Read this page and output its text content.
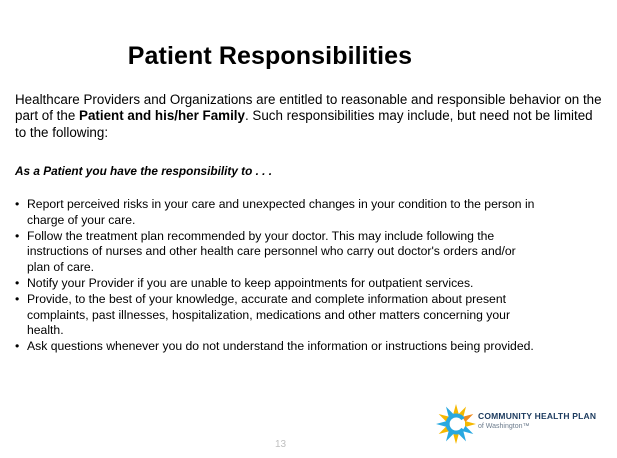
Patient Responsibilities
Healthcare Providers and Organizations are entitled to reasonable and responsible behavior on the part of the Patient and his/her Family. Such responsibilities may include, but need not be limited to the following:
As a Patient you have the responsibility to . . .
• Report perceived risks in your care and unexpected changes in your condition to the person in charge of your care.
• Follow the treatment plan recommended by your doctor. This may include following the instructions of nurses and other health care personnel who carry out doctor's orders and/or plan of care.
• Notify your Provider if you are unable to keep appointments for outpatient services.
• Provide, to the best of your knowledge, accurate and complete information about present complaints, past illnesses, hospitalization, medications and other matters concerning your health.
• Ask questions whenever you do not understand the information or instructions being provided.
13
COMMUNITY HEALTH PLAN
of Washington™
